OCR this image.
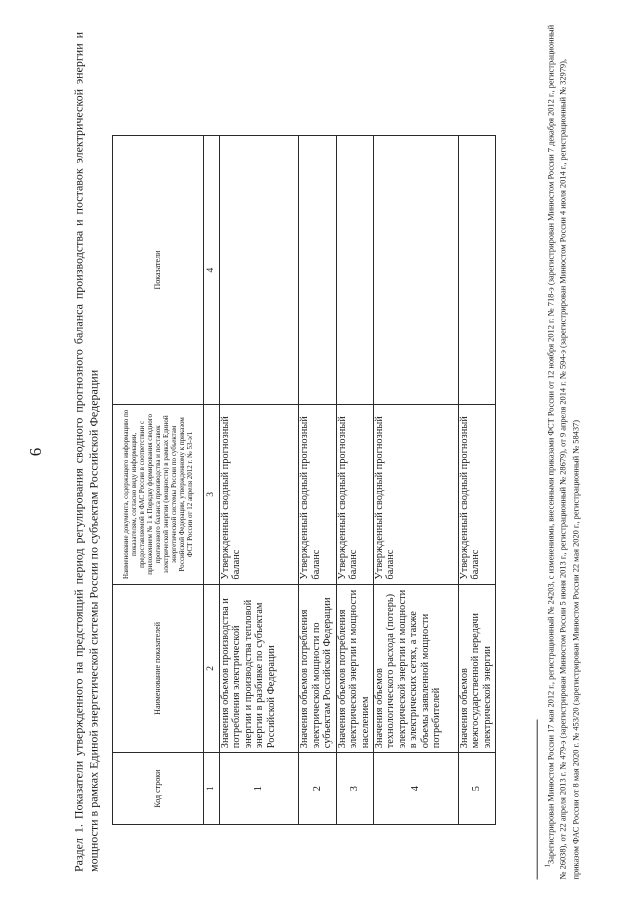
6 Раздел 1. Показатели утвержденного на предстоящий период регулирования сводного прогнозного баланса производства и поставок электрической энергии и мощности в рамках Единой энергетической системы России по субъектам Российской Федерации	Код строки	Наименование показателей	Наименование документа, содержащего информацию по показателям, согласно виду информации, предоставляемой в ФАС России в соответствии с приложением № 1 к Порядку формирования сводного прогнозного баланса производства и поставок электрической энергии (мощности) в рамках Единой энергетической системы России по субъектам Российской Федерации, утвержденному к приказом ФСТ России от 12 апреля 2012 г. № 53-э/1	Показатели
1	2	3	4
1	Значения объемов производства и потребления электрической энергии и производства тепловой энергии в разбивке по субъектам Российской Федерации	Утвержденный сводный прогнозный баланс	
2	Значения объемов потребления электрической мощности по субъектам Российской Федерации	Утвержденный сводный прогнозный баланс	
3	Значения объемов потребления электрической энергии и мощности населением	Утвержденный сводный прогнозный баланс	
4	Значения объемов технологического расхода (потерь) электрической энергии и мощности в электрических сетях, а также объемы заявленной мощности потребителей	Утвержденный сводный прогнозный баланс	
5	Значения объемов межгосударственной передачи электрической энергии	Утвержденный сводный прогнозный баланс	

$^1$Зарегистрирован Минюстом России 17 мая 2012 г., регистрационный № 24203, с изменениями, внесенными приказами ФСТ России от 12 ноября 2012 г. № 718-э (зарегистрирован Минюстом России 7 декабря 2012 г., регистрационный № 26038), от 22 апреля 2013 г. № 479-э (зарегистрирован Минюстом России 5 июня 2013 г., регистрационный № 28679), от 9 апреля 2014 г. № 594-э (зарегистрирован Минюстом России 4 июля 2014 г., регистрационный № 32979), приказом ФАС России от 8 мая 2020 г. № 453/20 (зарегистрирован Минюстом России 22 мая 2020 г., регистрационный № 58437)
